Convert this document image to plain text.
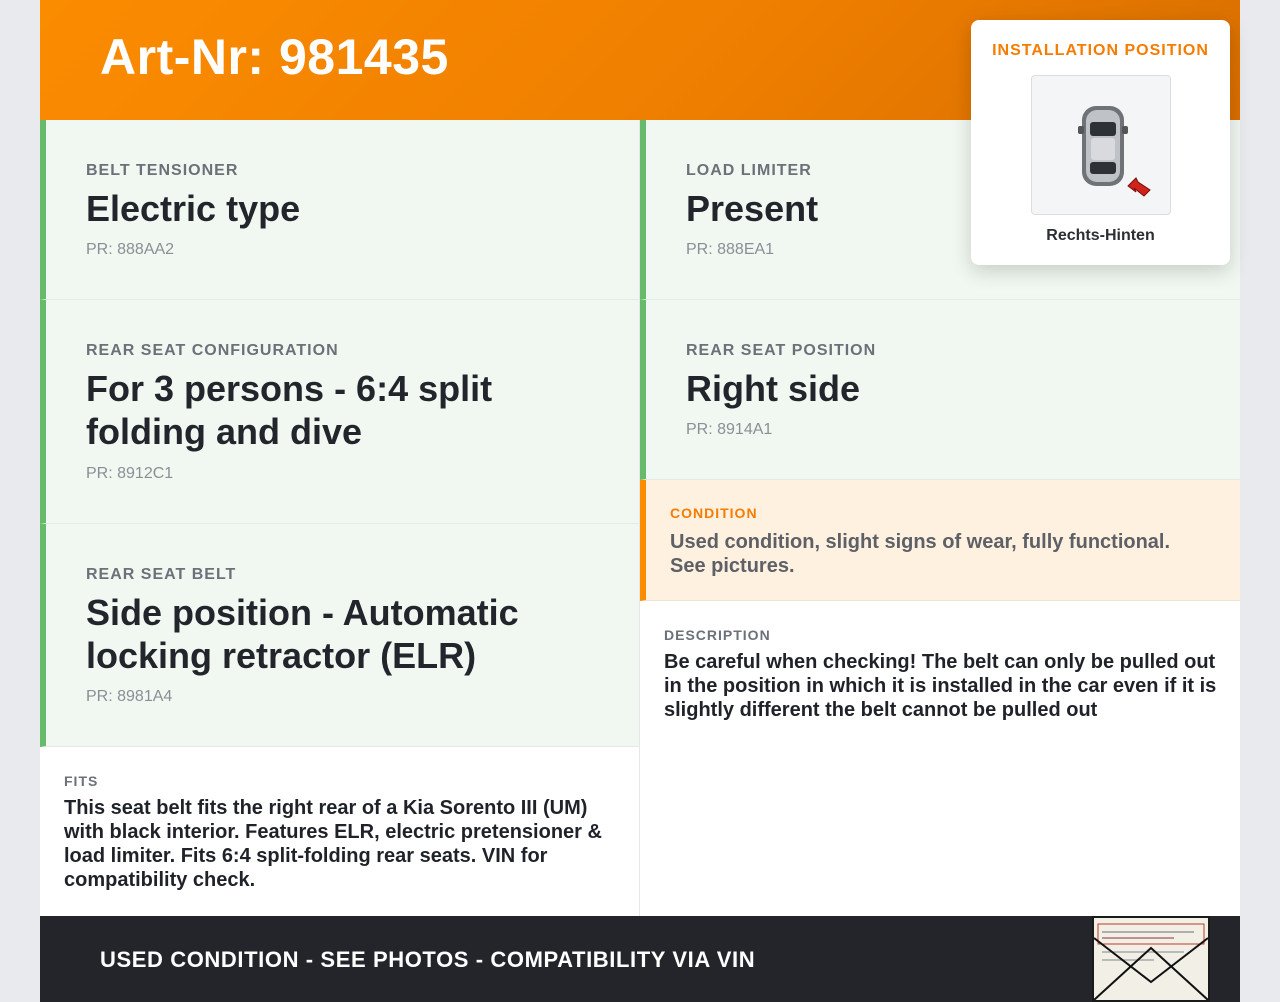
Art-Nr: 981435
BELT TENSIONER
Electric type
PR: 888AA2
REAR SEAT CONFIGURATION
For 3 persons - 6:4 split folding and dive
PR: 8912C1
REAR SEAT BELT
Side position - Automatic locking retractor (ELR)
PR: 8981A4
FITS
This seat belt fits the right rear of a Kia Sorento III (UM) with black interior. Features ELR, electric pretensioner & load limiter. Fits 6:4 split-folding rear seats. VIN for compatibility check.
LOAD LIMITER
Present
PR: 888EA1
REAR SEAT POSITION
Right side
PR: 8914A1
CONDITION
Used condition, slight signs of wear, fully functional. See pictures.
DESCRIPTION
Be careful when checking! The belt can only be pulled out in the position in which it is installed in the car even if it is slightly different the belt cannot be pulled out
USED CONDITION - SEE PHOTOS - COMPATIBILITY VIA VIN
INSTALLATION POSITION
Rechts-Hinten
